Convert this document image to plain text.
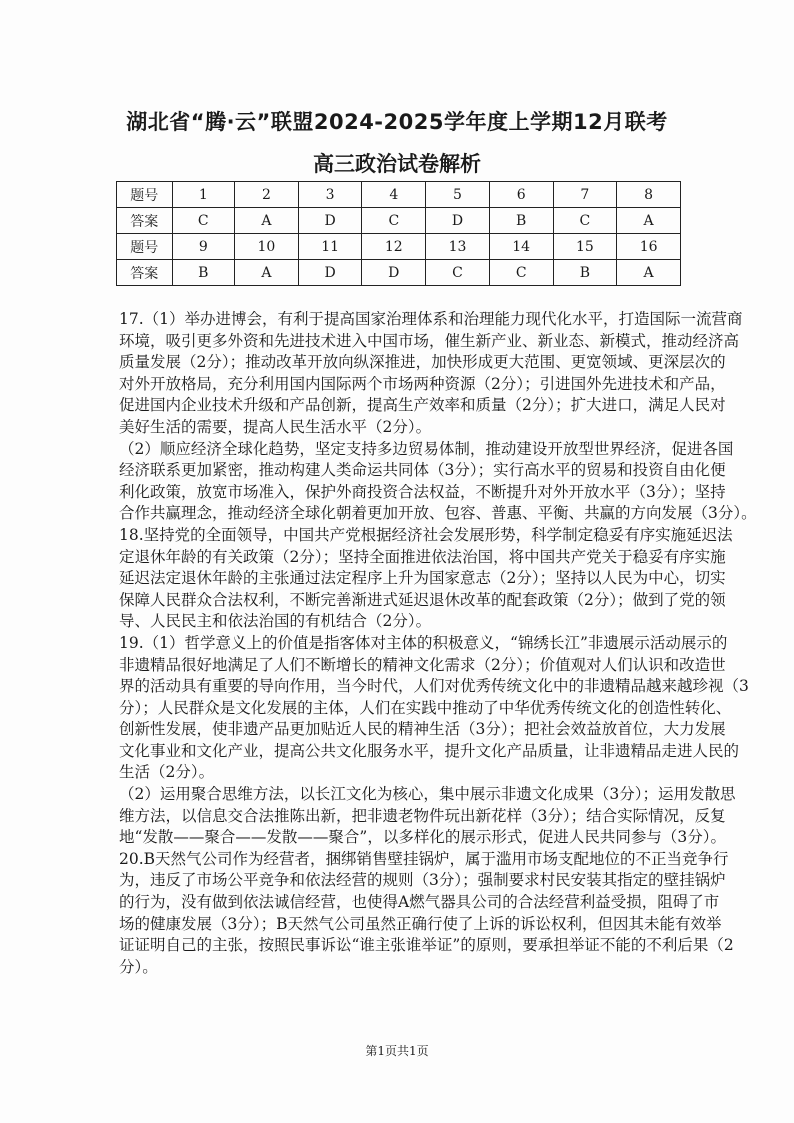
湖北省“腾·云”联盟2024-2025学年度上学期12月联考
高三政治试卷解析
题号	1	2	3	4	5	6	7	8
答案	C	A	D	C	D	B	C	A
题号	9	10	11	12	13	14	15	16
答案	B	A	D	D	C	C	B	A
17.（1）举办进博会，有利于提高国家治理体系和治理能力现代化水平，打造国际一流营商
环境，吸引更多外资和先进技术进入中国市场，催生新产业、新业态、新模式，推动经济高
质量发展（2分）；推动改革开放向纵深推进，加快形成更大范围、更宽领域、更深层次的
对外开放格局，充分利用国内国际两个市场两种资源（2分）；引进国外先进技术和产品，
促进国内企业技术升级和产品创新，提高生产效率和质量（2分）；扩大进口，满足人民对
美好生活的需要，提高人民生活水平（2分）。
（2）顺应经济全球化趋势，坚定支持多边贸易体制，推动建设开放型世界经济，促进各国
经济联系更加紧密，推动构建人类命运共同体（3分）；实行高水平的贸易和投资自由化便
利化政策，放宽市场准入，保护外商投资合法权益，不断提升对外开放水平（3分）；坚持
合作共赢理念，推动经济全球化朝着更加开放、包容、普惠、平衡、共赢的方向发展（3分）。
18.坚持党的全面领导，中国共产党根据经济社会发展形势，科学制定稳妥有序实施延迟法
定退休年龄的有关政策（2分）；坚持全面推进依法治国，将中国共产党关于稳妥有序实施
延迟法定退休年龄的主张通过法定程序上升为国家意志（2分）；坚持以人民为中心，切实
保障人民群众合法权利，不断完善渐进式延迟退休改革的配套政策（2分）；做到了党的领
导、人民民主和依法治国的有机结合（2分）。
19.（1）哲学意义上的价值是指客体对主体的积极意义，“锦绣长江”非遗展示活动展示的
非遗精品很好地满足了人们不断增长的精神文化需求（2分）；价值观对人们认识和改造世
界的活动具有重要的导向作用，当今时代，人们对优秀传统文化中的非遗精品越来越珍视（3
分）；人民群众是文化发展的主体，人们在实践中推动了中华优秀传统文化的创造性转化、
创新性发展，使非遗产品更加贴近人民的精神生活（3分）；把社会效益放首位，大力发展
文化事业和文化产业，提高公共文化服务水平，提升文化产品质量，让非遗精品走进人民的
生活（2分）。
（2）运用聚合思维方法，以长江文化为核心，集中展示非遗文化成果（3分）；运用发散思
维方法，以信息交合法推陈出新，把非遗老物件玩出新花样（3分）；结合实际情况，反复
地“发散——聚合——发散——聚合”，以多样化的展示形式，促进人民共同参与（3分）。
20.B天然气公司作为经营者，捆绑销售壁挂锅炉，属于滥用市场支配地位的不正当竞争行
为，违反了市场公平竞争和依法经营的规则（3分）；强制要求村民安装其指定的壁挂锅炉
的行为，没有做到依法诚信经营，也使得A燃气器具公司的合法经营利益受损，阻碍了市
场的健康发展（3分）；B天然气公司虽然正确行使了上诉的诉讼权利，但因其未能有效举
证证明自己的主张，按照民事诉讼“谁主张谁举证”的原则，要承担举证不能的不利后果（2
分）。
第1页共1页
